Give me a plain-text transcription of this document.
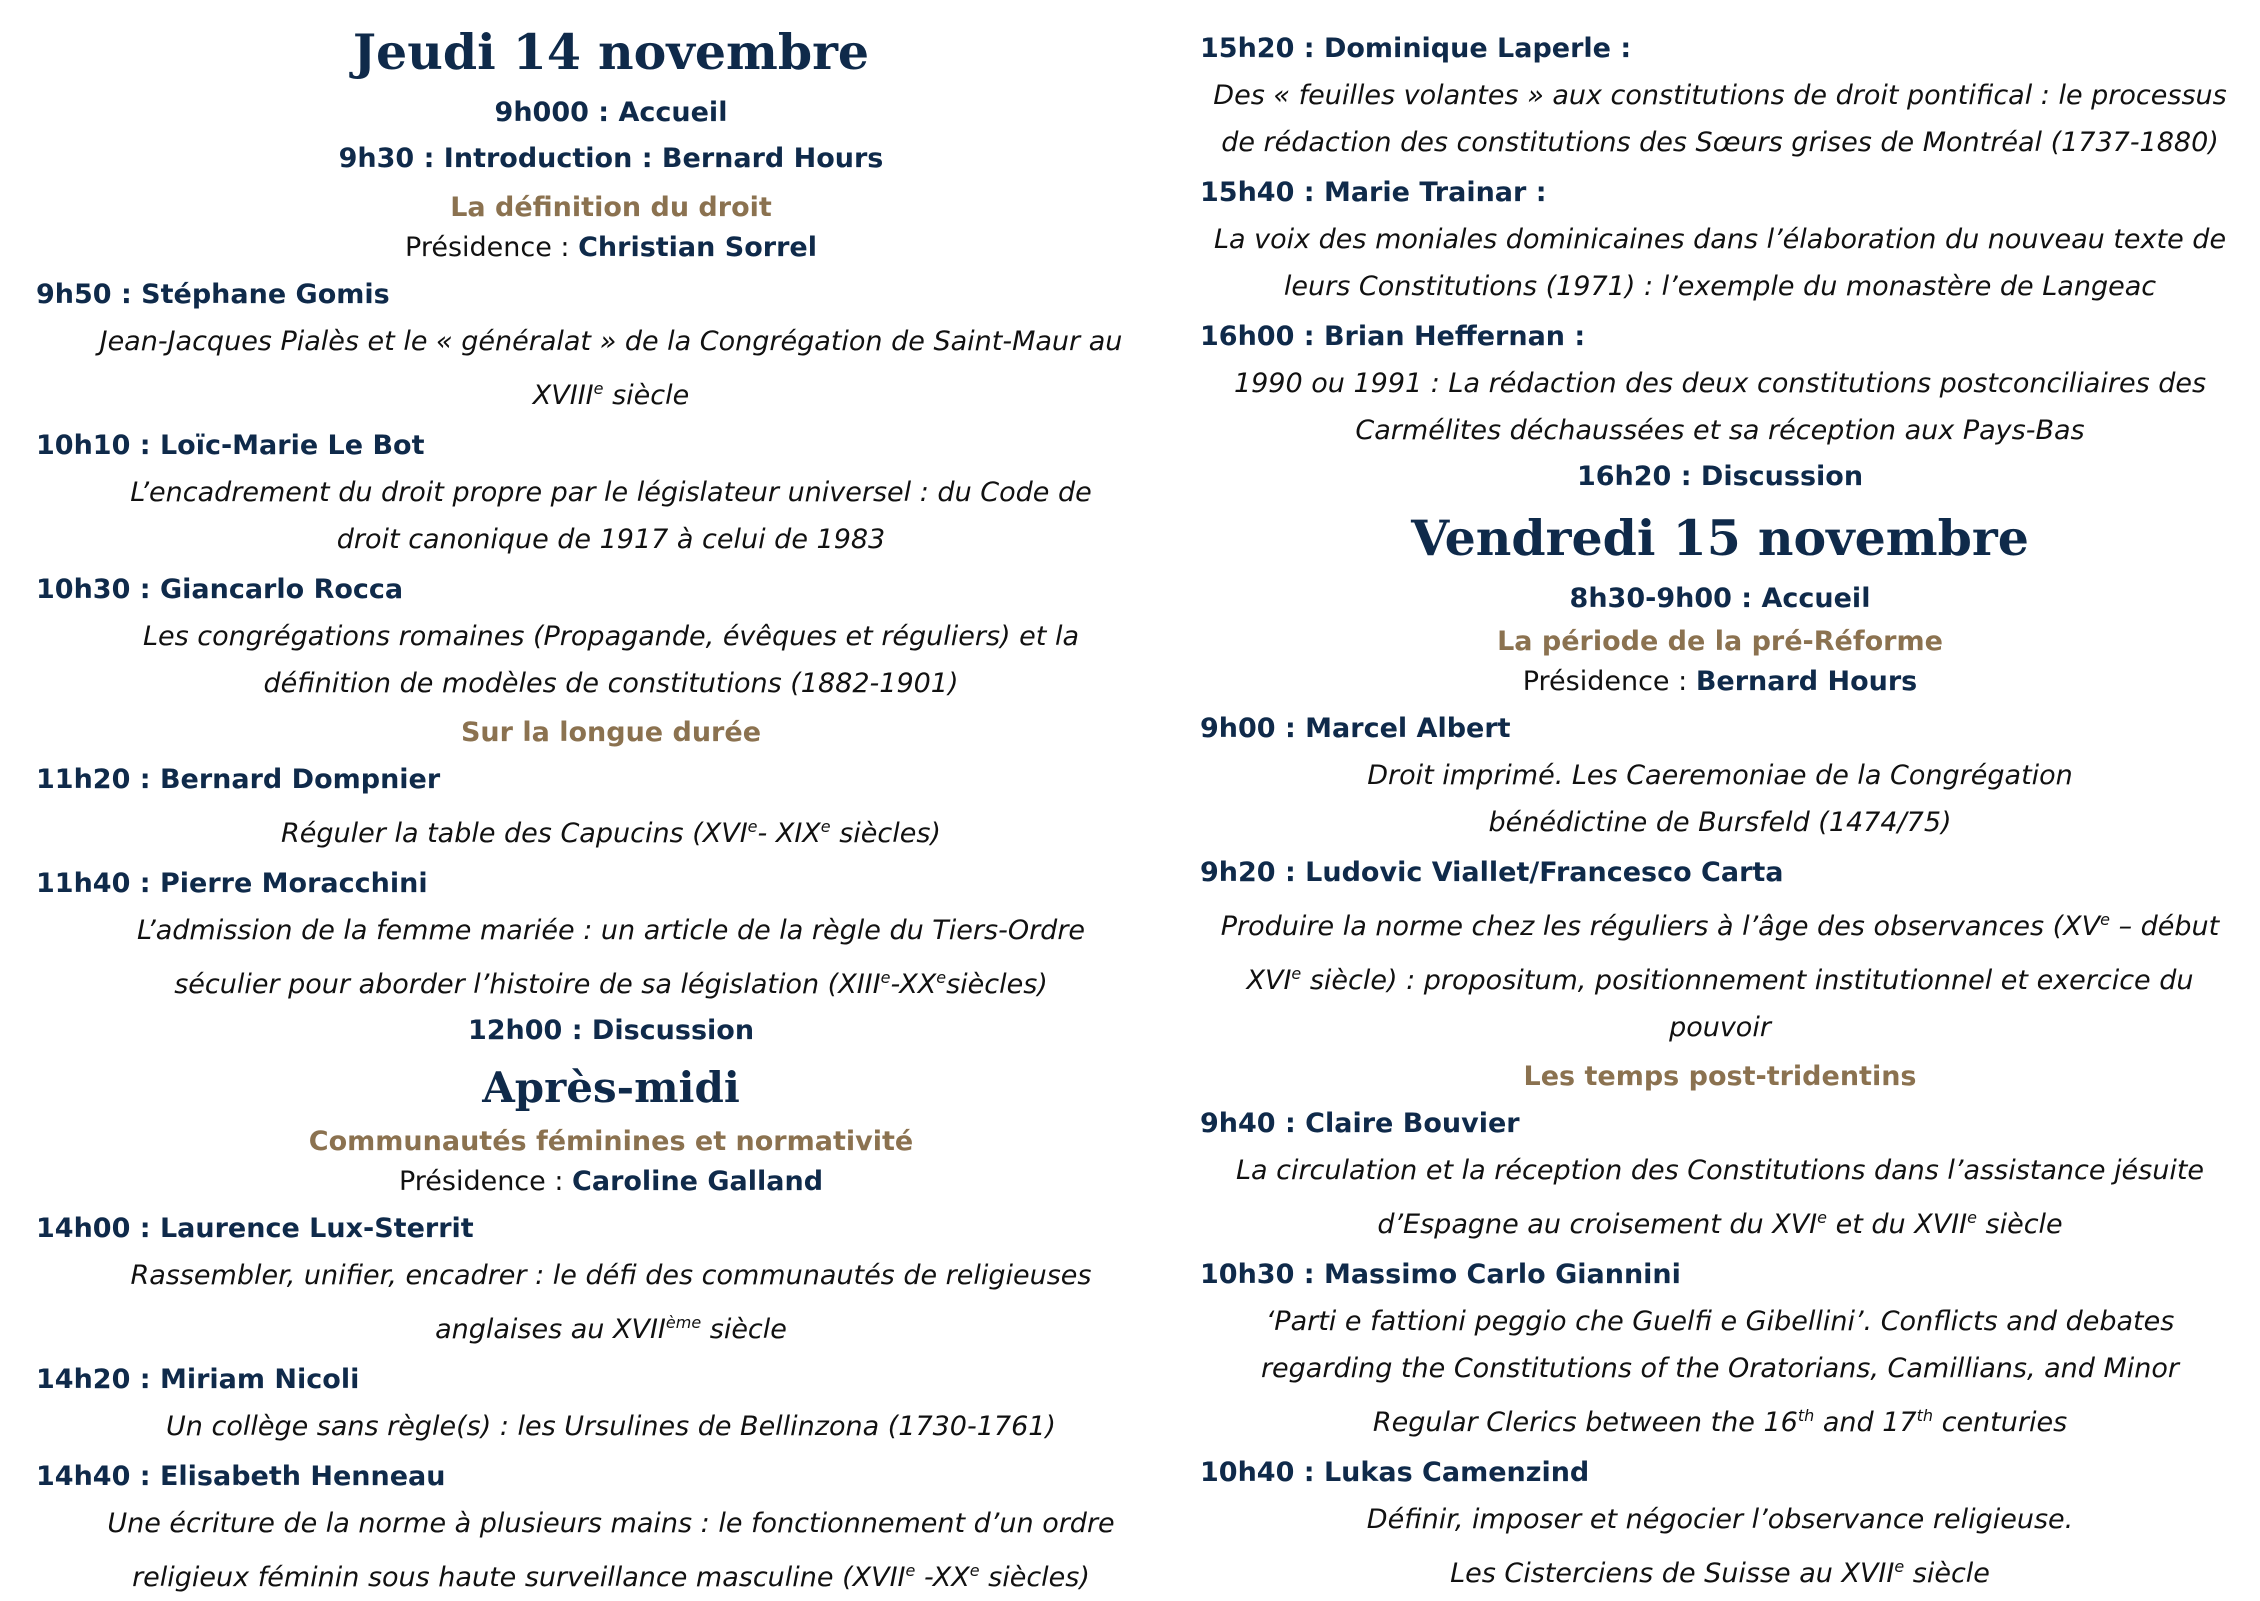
Jeudi 14 novembre
9h000 : Accueil
9h30 : Introduction : Bernard Hours
La définition du droit
Présidence : Christian Sorrel
9h50 : Stéphane Gomis
Jean-Jacques Pialès et le « généralat » de la Congrégation de Saint-Maur au
XVIIIe siècle
10h10 : Loïc-Marie Le Bot
L’encadrement du droit propre par le législateur universel : du Code de
droit canonique de 1917 à celui de 1983
10h30 : Giancarlo Rocca
Les congrégations romaines (Propagande, évêques et réguliers) et la
définition de modèles de constitutions (1882-1901)
Sur la longue durée
11h20 : Bernard Dompnier
Réguler la table des Capucins (XVIe- XIXe siècles)
11h40 : Pierre Moracchini
L’admission de la femme mariée : un article de la règle du Tiers-Ordre
séculier pour aborder l’histoire de sa législation (XIIIe-XXesiècles)
12h00 : Discussion
Après-midi
Communautés féminines et normativité
Présidence : Caroline Galland
14h00 : Laurence Lux-Sterrit
Rassembler, unifier, encadrer : le défi des communautés de religieuses
anglaises au XVIIème siècle
14h20 : Miriam Nicoli
Un collège sans règle(s) : les Ursulines de Bellinzona (1730-1761)
14h40 : Elisabeth Henneau
Une écriture de la norme à plusieurs mains : le fonctionnement d’un ordre
religieux féminin sous haute surveillance masculine (XVIIe -XXe siècles)
15h20 : Dominique Laperle :
Des « feuilles volantes » aux constitutions de droit pontifical : le processus
de rédaction des constitutions des Sœurs grises de Montréal (1737-1880)
15h40 : Marie Trainar :
La voix des moniales dominicaines dans l’élaboration du nouveau texte de
leurs Constitutions (1971) : l’exemple du monastère de Langeac
16h00 : Brian Heffernan :
1990 ou 1991 : La rédaction des deux constitutions postconciliaires des
Carmélites déchaussées et sa réception aux Pays-Bas
16h20 : Discussion
Vendredi 15 novembre
8h30-9h00 : Accueil
La période de la pré-Réforme
Présidence : Bernard Hours
9h00 : Marcel Albert
Droit imprimé. Les Caeremoniae de la Congrégation
bénédictine de Bursfeld (1474/75)
9h20 : Ludovic Viallet/Francesco Carta
Produire la norme chez les réguliers à l’âge des observances (XVe – début
XVIe siècle) : propositum, positionnement institutionnel et exercice du
pouvoir
Les temps post-tridentins
9h40 : Claire Bouvier
La circulation et la réception des Constitutions dans l’assistance jésuite
d’Espagne au croisement du XVIe et du XVIIe siècle
10h30 : Massimo Carlo Giannini
‘Parti e fattioni peggio che Guelfi e Gibellini’. Conflicts and debates
regarding the Constitutions of the Oratorians, Camillians, and Minor
Regular Clerics between the 16th and 17th centuries
10h40 : Lukas Camenzind
Définir, imposer et négocier l’observance religieuse.
Les Cisterciens de Suisse au XVIIe siècle
